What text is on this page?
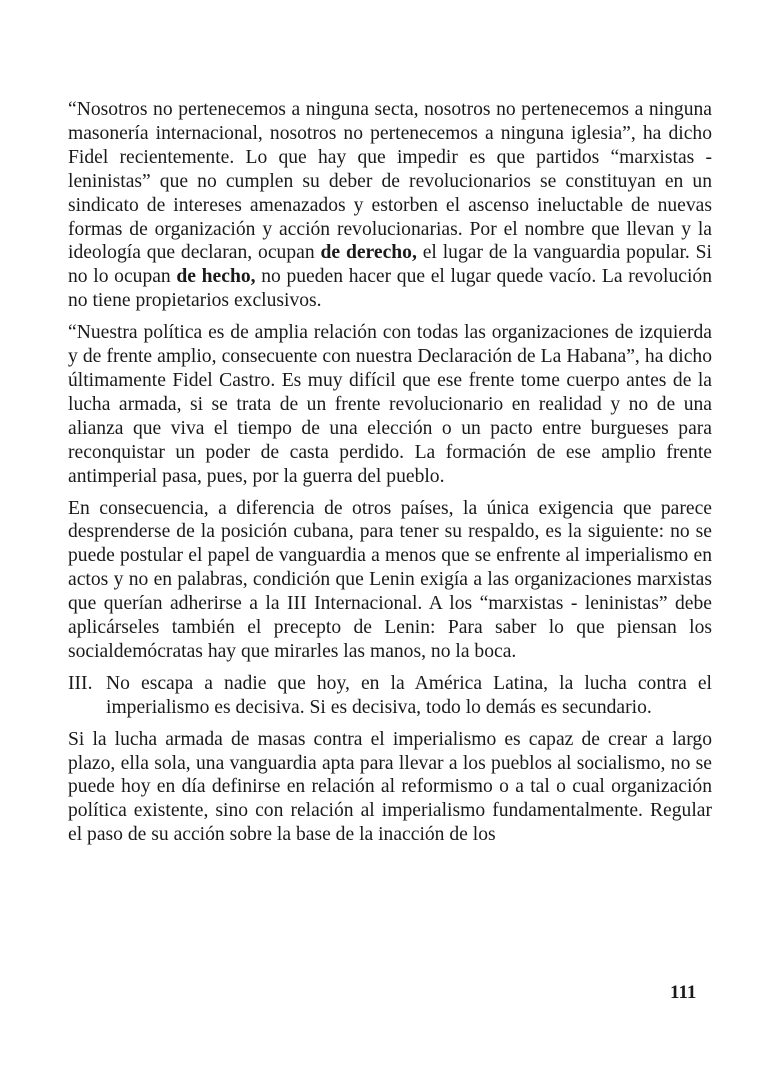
“Nosotros no pertenecemos a ninguna secta, nosotros no pertenecemos a ninguna masonería internacional, nosotros no pertenecemos a ninguna iglesia”, ha dicho Fidel recientemente. Lo que hay que impedir es que partidos “marxistas - leninistas” que no cumplen su deber de revolucionarios se constituyan en un sindicato de intereses amenazados y estorben el ascenso ineluctable de nuevas formas de organización y acción revolucionarias. Por el nombre que llevan y la ideología que declaran, ocupan de derecho, el lugar de la vanguardia popular. Si no lo ocupan de hecho, no pueden hacer que el lugar quede vacío. La revolución no tiene propietarios exclusivos.

“Nuestra política es de amplia relación con todas las organizaciones de izquierda y de frente amplio, consecuente con nuestra Declaración de La Habana”, ha dicho últimamente Fidel Castro. Es muy difícil que ese frente tome cuerpo antes de la lucha armada, si se trata de un frente revolucionario en realidad y no de una alianza que viva el tiempo de una elección o un pacto entre burgueses para reconquistar un poder de casta perdido. La formación de ese amplio frente antimperial pasa, pues, por la guerra del pueblo.

En consecuencia, a diferencia de otros países, la única exigencia que parece desprenderse de la posición cubana, para tener su respaldo, es la siguiente: no se puede postular el papel de vanguardia a menos que se enfrente al imperialismo en actos y no en palabras, condición que Lenin exigía a las organizaciones marxistas que querían adherirse a la III Internacional. A los “marxistas - leninistas” debe aplicárseles también el precepto de Lenin: Para saber lo que piensan los socialdemócratas hay que mirarles las manos, no la boca.

III. No escapa a nadie que hoy, en la América Latina, la lucha contra el imperialismo es decisiva. Si es decisiva, todo lo demás es secundario.

Si la lucha armada de masas contra el imperialismo es capaz de crear a largo plazo, ella sola, una vanguardia apta para llevar a los pueblos al socialismo, no se puede hoy en día definirse en relación al reformismo o a tal o cual organización política existente, sino con relación al imperialismo fundamentalmente. Regular el paso de su acción sobre la base de la inacción de los

111
